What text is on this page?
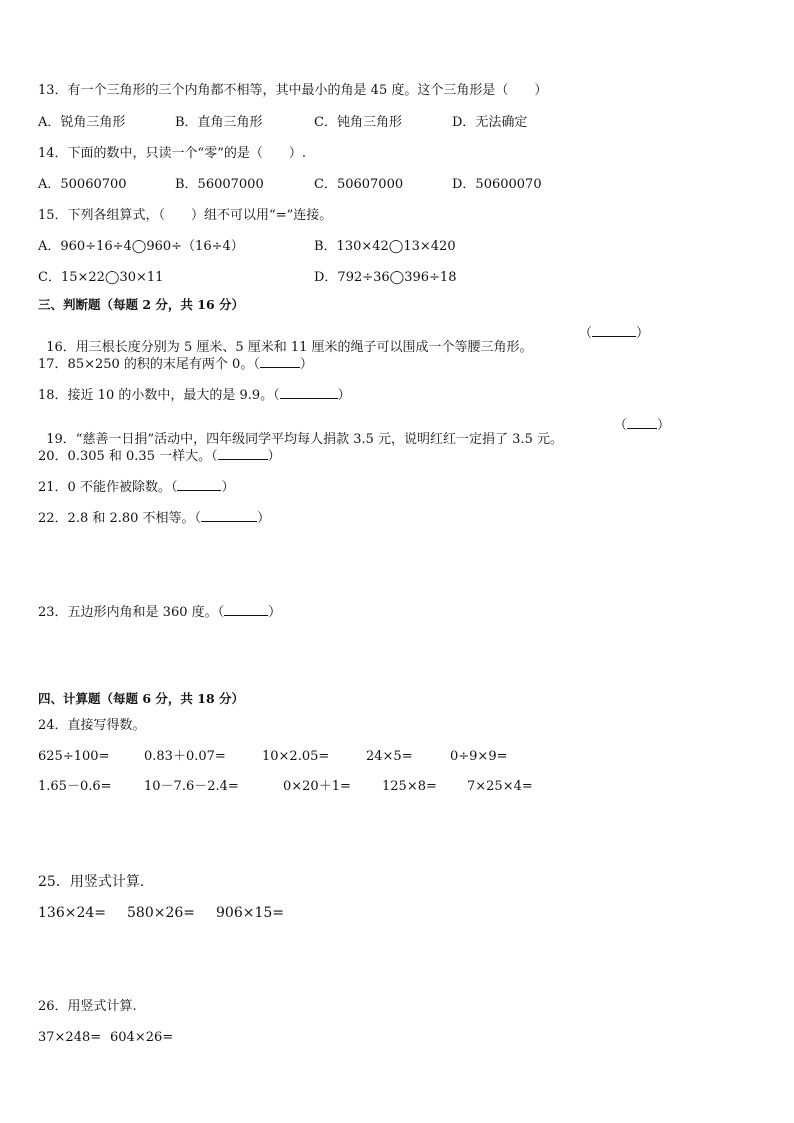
13．有一个三角形的三个内角都不相等，其中最小的角是 45 度。这个三角形是（　　）
A．锐角三角形	B．直角三角形	C．钝角三角形	D．无法确定
14．下面的数中，只读一个“零”的是（　　）.
A．50060700	B．56007000	C．50607000	D．50600070
15．下列各组算式，（　　）组不可以用“=”连接。
A．960÷16÷4◯960÷（16÷4）	B．130×42◯13×420
C．15×22◯30×11	D．792÷36◯396÷18
三、判断题（每题 2 分，共 16 分）

16．用三根长度分别为 5 厘米、5 厘米和 11 厘米的绳子可以围成一个等腰三角形。

（	）
17．85×250 的积的末尾有两个 0。（	）
18．接近 10 的小数中，最大的是 9.9。（	）

19．“慈善一日捐”活动中，四年级同学平均每人捐款 3.5 元，说明红红一定捐了 3.5 元。

（ ）
20．0.305 和 0.35 一样大。（	）
21．0 不能作被除数。（	）
22．2.8 和 2.80 不相等。（	）
23．五边形内角和是 360 度。（	）
四、计算题（每题 6 分，共 18 分）
24．直接写得数。
625÷100=	0.83＋0.07=	10×2.05=	24×5=	0÷9×9=
1.65－0.6= 10－7.6－2.4=	0×20＋1= 125×8= 7×25×4=
25．用竖式计算.
136×24= 580×26= 906×15=
26．用竖式计算.
37×248= 604×26=
